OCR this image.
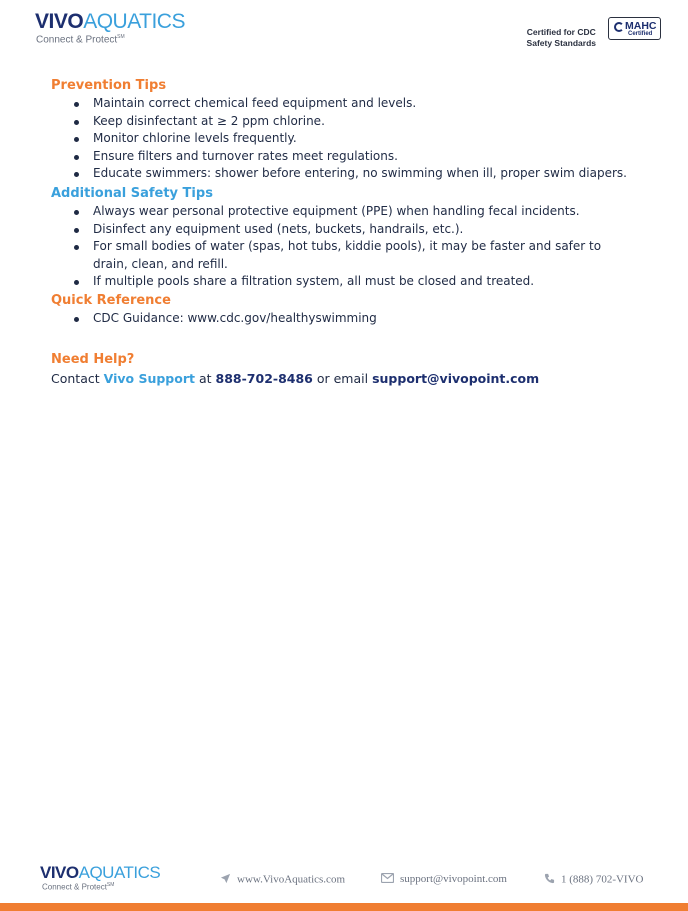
VIVOAQUATICS
Connect & Protect℠	Certified for CDC
Safety Standards
MAHC
Certified
Prevention Tips
Maintain correct chemical feed equipment and levels.
Keep disinfectant at ≥ 2 ppm chlorine.
Monitor chlorine levels frequently.
Ensure filters and turnover rates meet regulations.
Educate swimmers: shower before entering, no swimming when ill, proper swim diapers.
Additional Safety Tips
Always wear personal protective equipment (PPE) when handling fecal incidents.
Disinfect any equipment used (nets, buckets, handrails, etc.).
For small bodies of water (spas, hot tubs, kiddie pools), it may be faster and safer to drain, clean, and refill.
If multiple pools share a filtration system, all must be closed and treated.
Quick Reference
CDC Guidance: www.cdc.gov/healthyswimming
Need Help?
Contact Vivo Support at 888-702-8486 or email support@vivopoint.com
VIVOAQUATICS
Connect & Protect℠	www.VivoAquatics.com	support@vivopoint.com	1 (888) 702-VIVO
